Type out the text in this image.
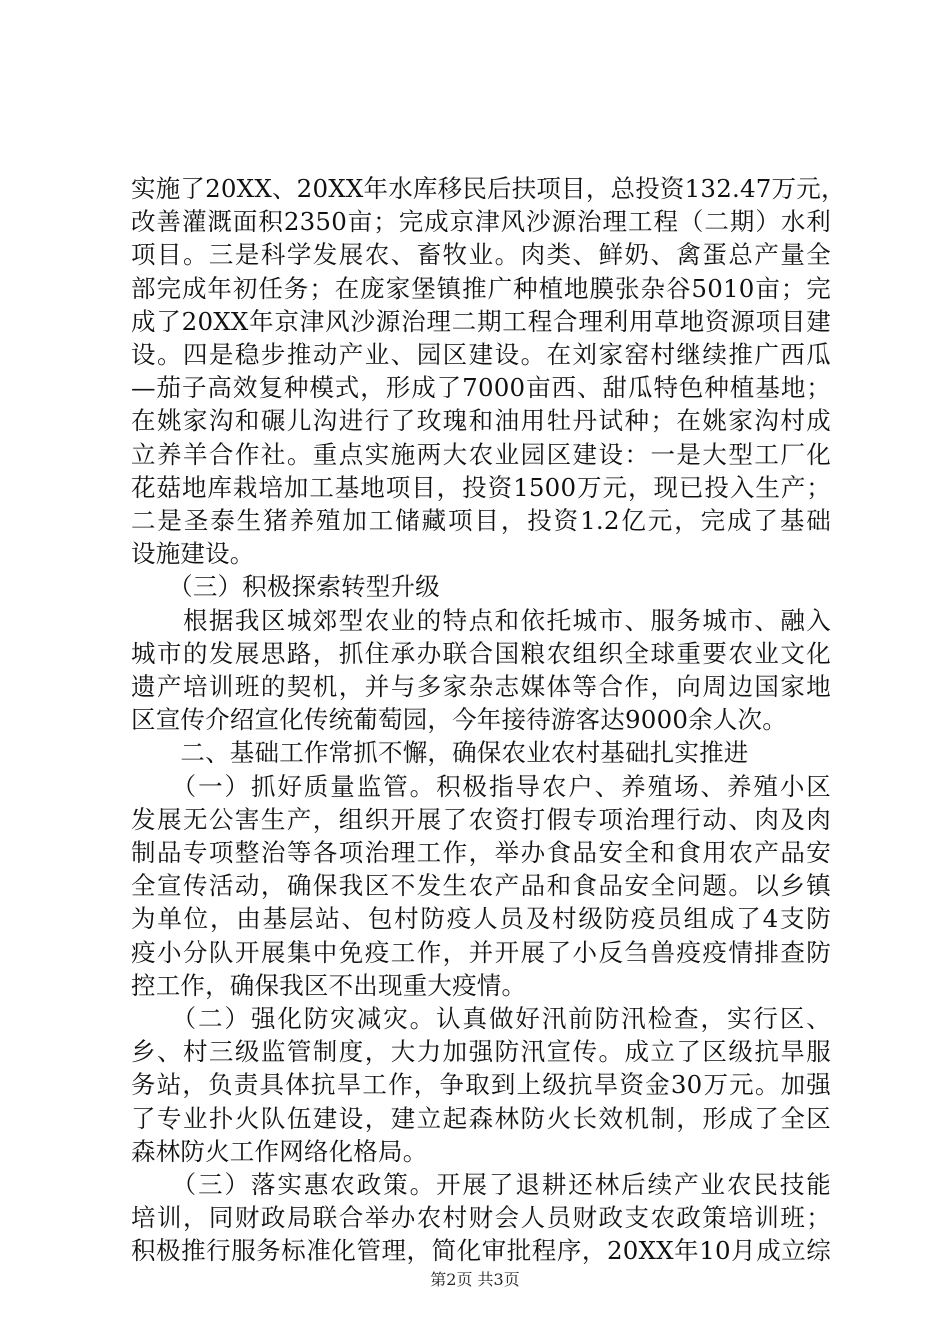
实施了20XX、20XX年水库移民后扶项目，总投资132.47万元，
改善灌溉面积2350亩；完成京津风沙源治理工程（二期）水利
项目。三是科学发展农、畜牧业。肉类、鲜奶、禽蛋总产量全
部完成年初任务；在庞家堡镇推广种植地膜张杂谷5010亩；完
成了20XX年京津风沙源治理二期工程合理利用草地资源项目建
设。四是稳步推动产业、园区建设。在刘家窑村继续推广西瓜
—茄子高效复种模式，形成了7000亩西、甜瓜特色种植基地；
在姚家沟和碾儿沟进行了玫瑰和油用牡丹试种；在姚家沟村成
立养羊合作社。重点实施两大农业园区建设：一是大型工厂化
花菇地库栽培加工基地项目，投资1500万元，现已投入生产；
二是圣泰生猪养殖加工储藏项目，投资1.2亿元，完成了基础
设施建设。
　　（三）积极探索转型升级
　　根据我区城郊型农业的特点和依托城市、服务城市、融入
城市的发展思路，抓住承办联合国粮农组织全球重要农业文化
遗产培训班的契机，并与多家杂志媒体等合作，向周边国家地
区宣传介绍宣化传统葡萄园，今年接待游客达9000余人次。
　　二、基础工作常抓不懈，确保农业农村基础扎实推进
　　（一）抓好质量监管。积极指导农户、养殖场、养殖小区
发展无公害生产，组织开展了农资打假专项治理行动、肉及肉
制品专项整治等各项治理工作，举办食品安全和食用农产品安
全宣传活动，确保我区不发生农产品和食品安全问题。以乡镇
为单位，由基层站、包村防疫人员及村级防疫员组成了4支防
疫小分队开展集中免疫工作，并开展了小反刍兽疫疫情排查防
控工作，确保我区不出现重大疫情。
　　（二）强化防灾减灾。认真做好汛前防汛检查，实行区、
乡、村三级监管制度，大力加强防汛宣传。成立了区级抗旱服
务站，负责具体抗旱工作，争取到上级抗旱资金30万元。加强
了专业扑火队伍建设，建立起森林防火长效机制，形成了全区
森林防火工作网络化格局。
　　（三）落实惠农政策。开展了退耕还林后续产业农民技能
培训，同财政局联合举办农村财会人员财政支农政策培训班；
积极推行服务标准化管理，简化审批程序，20XX年10月成立综
第2页 共3页
